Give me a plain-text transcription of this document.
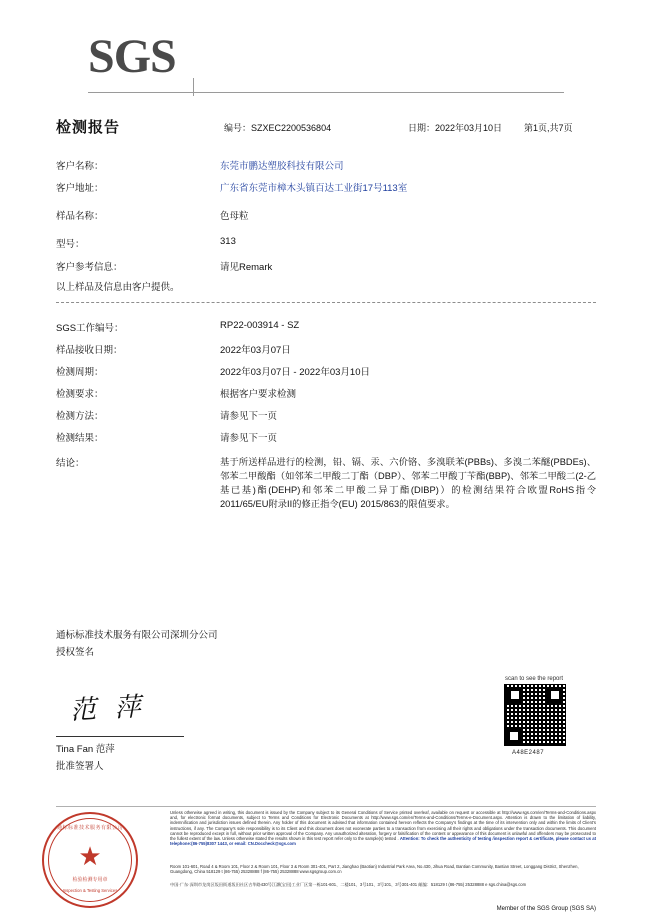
SGS
检测报告	编号：SZXEC2200536804	日期：2022年03月10日 第1页,共7页
客户名称：	东莞市鹏达塑胶科技有限公司
客户地址：	广东省东莞市樟木头镇百达工业街17号113室
样品名称：	色母粒
型号：	313
客户参考信息：	请见Remark
以上样品及信息由客户提供。
SGS工作编号：	RP22-003914 - SZ
样品接收日期：	2022年03月07日
检测周期：	2022年03月07日 - 2022年03月10日
检测要求：	根据客户要求检测
检测方法：	请参见下一页
检测结果：	请参见下一页
结论：	基于所送样品进行的检测，铅、镉、汞、六价铬、多溴联苯(PBBs)、多溴二苯醚(PBDEs)、邻苯二甲酸酯（如邻苯二甲酸二丁酯（DBP）、邻苯二甲酸丁苄酯(BBP)、邻苯二甲酸二(2-乙基已基)酯(DEHP)和邻苯二甲酸二异丁酯(DIBP)）的检测结果符合欧盟RoHS指令2011/65/EU附录II的修正指令(EU) 2015/863的限值要求。
通标标准技术服务有限公司深圳分公司
授权签名
范 萍
Tina Fan 范萍
批准签署人
scan to see the report
A48E2487
通标标准技术服务有限公司
★
检验检测专用章
Inspection & Testing Services
Unless otherwise agreed in writing, this document is issued by the Company subject to its General Conditions of Service printed overleaf, available on request or accessible at http://www.sgs.com/en/Terms-and-Conditions.aspx and, for electronic format documents, subject to Terms and Conditions for Electronic Documents at http://www.sgs.com/en/Terms-and-Conditions/Terms-e-Document.aspx. Attention is drawn to the limitation of liability, indemnification and jurisdiction issues defined therein. Any holder of this document is advised that information contained hereon reflects the Company's findings at the time of its intervention only and within the limits of Client's instructions, if any. The Company's sole responsibility is to its Client and this document does not exonerate parties to a transaction from exercising all their rights and obligations under the transaction documents. This document cannot be reproduced except in full, without prior written approval of the Company. Any unauthorized alteration, forgery or falsification of the content or appearance of this document is unlawful and offenders may be prosecuted to the fullest extent of the law. Unless otherwise stated the results shown in this test report refer only to the sample(s) tested . Attention: To check the authenticity of testing /inspection report & certificate, please contact us at telephone:(86-755)8307 1443, or email: CN.Doccheck@sgs.com
Room 101-601, Road 4 & Room 101, Floor 2 & Room 101, Floor 3 & Room 301-401, Part 2, Jianghao (Baotian) Industrial Park Area, No.430, Jihua Road, Bantian Community, Bantian Street, Longgang District, Shenzhen, Guangdong, China 518129 t (86-755) 25328888 f (86-755) 25328888 www.sgsgroup.com.cn
中国·广东·深圳市龙岗区坂田街道坂田社区吉华路430号江灏(宝田)工业厂区第一栋101-601、二楼101、3号101、3号101、3号301-401 邮编：518129 t (86-755) 25328888 e sgs.china@sgs.com
Member of the SGS Group (SGS SA)
